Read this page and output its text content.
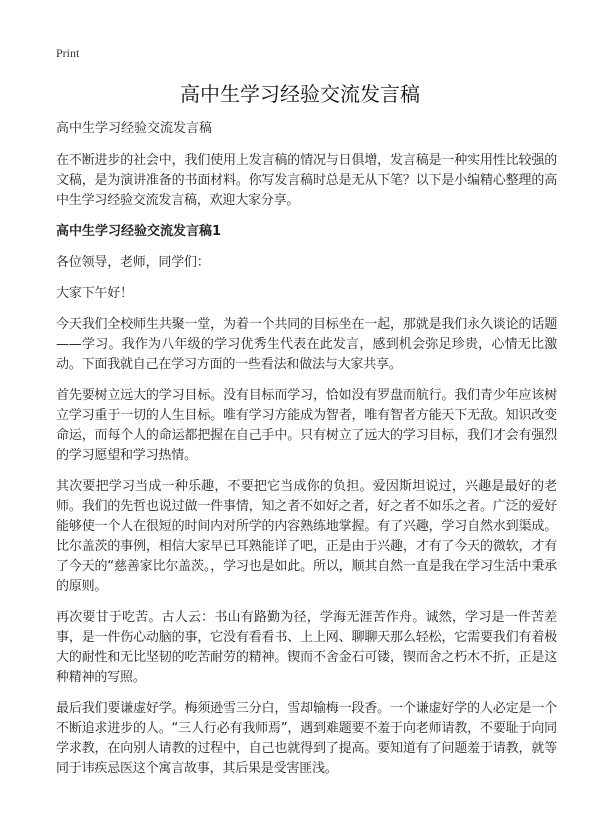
Print
高中生学习经验交流发言稿

高中生学习经验交流发言稿

在不断进步的社会中，我们使用上发言稿的情况与日俱增，发言稿是一种实用性比较强的文稿，是为演讲准备的书面材料。你写发言稿时总是无从下笔？以下是小编精心整理的高中生学习经验交流发言稿，欢迎大家分享。

高中生学习经验交流发言稿1

各位领导，老师，同学们：

大家下午好！

今天我们全校师生共聚一堂，为着一个共同的目标坐在一起，那就是我们永久谈论的话题——学习。我作为八年级的学习优秀生代表在此发言，感到机会弥足珍贵，心情无比激动。下面我就自己在学习方面的一些看法和做法与大家共享。

首先要树立远大的学习目标。没有目标而学习，恰如没有罗盘而航行。我们青少年应该树立学习重于一切的人生目标。唯有学习方能成为智者，唯有智者方能天下无敌。知识改变命运，而每个人的命运都把握在自己手中。只有树立了远大的学习目标，我们才会有强烈的学习愿望和学习热情。

其次要把学习当成一种乐趣，不要把它当成你的负担。爱因斯坦说过，兴趣是最好的老师。我们的先哲也说过做一件事情，知之者不如好之者，好之者不如乐之者。广泛的爱好能够使一个人在很短的时间内对所学的内容熟练地掌握。有了兴趣，学习自然水到渠成。比尔盖茨的事例，相信大家早已耳熟能详了吧，正是由于兴趣，才有了今天的微软，才有了今天的“慈善家比尔盖茨。，学习也是如此。所以，顺其自然一直是我在学习生活中秉承的原则。

再次要甘于吃苦。古人云：书山有路勤为径，学海无涯苦作舟。诚然，学习是一件苦差事，是一件伤心动脑的事，它没有看看书、上上网、聊聊天那么轻松，它需要我们有着极大的耐性和无比坚韧的吃苦耐劳的精神。锲而不舍金石可镂，锲而舍之朽木不折，正是这种精神的写照。

最后我们要谦虚好学。梅须逊雪三分白，雪却输梅一段香。一个谦虚好学的人必定是一个不断追求进步的人。“三人行必有我师焉”，遇到难题要不羞于向老师请教，不要耻于向同学求教，在向别人请教的过程中，自己也就得到了提高。要知道有了问题羞于请教，就等同于讳疾忌医这个寓言故事，其后果是受害匪浅。
